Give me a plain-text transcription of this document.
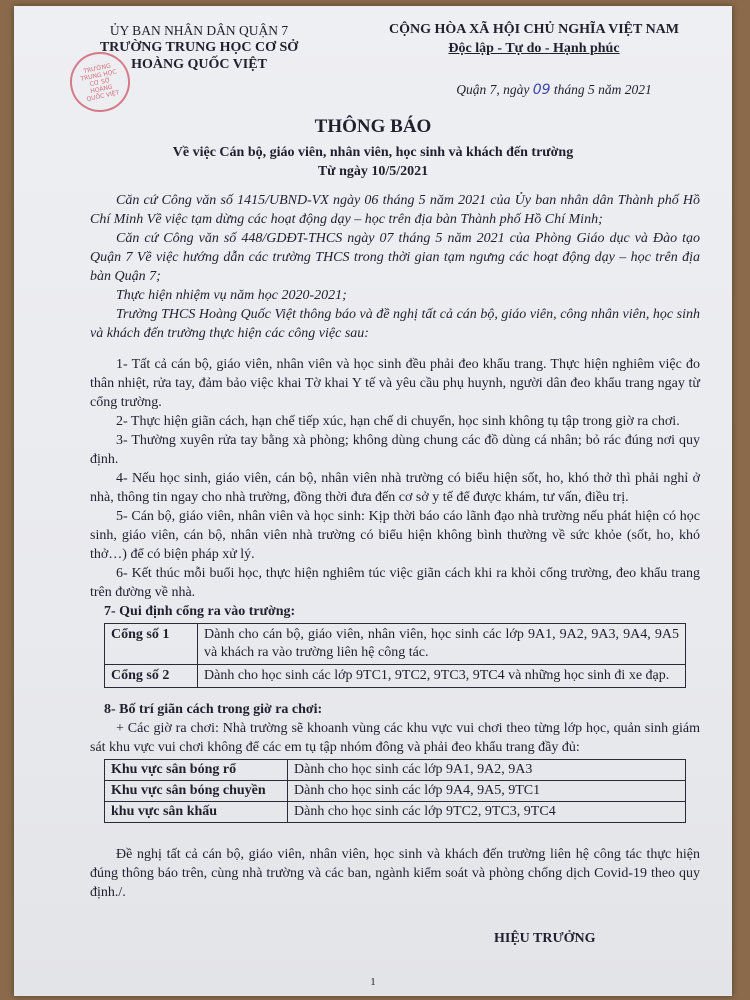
ỦY BAN NHÂN DÂN QUẬN 7
TRƯỜNG TRUNG HỌC CƠ SỞ
HOÀNG QUỐC VIỆT
TRƯỜNG TRUNG HỌC CƠ SỞ HOÀNG QUỐC VIỆT
CỘNG HÒA XÃ HỘI CHỦ NGHĨA VIỆT NAM
Độc lập - Tự do - Hạnh phúc
Quận 7, ngày 09 tháng 5 năm 2021
THÔNG BÁO
Về việc Cán bộ, giáo viên, nhân viên, học sinh và khách đến trường
Từ ngày 10/5/2021

Căn cứ Công văn số 1415/UBND-VX ngày 06 tháng 5 năm 2021 của Ủy ban nhân dân Thành phố Hồ Chí Minh Về việc tạm dừng các hoạt động dạy – học trên địa bàn Thành phố Hồ Chí Minh;

Căn cứ Công văn số 448/GDĐT-THCS ngày 07 tháng 5 năm 2021 của Phòng Giáo dục và Đào tạo Quận 7 Về việc hướng dẫn các trường THCS trong thời gian tạm ngưng các hoạt động dạy – học trên địa bàn Quận 7;

Thực hiện nhiệm vụ năm học 2020-2021;

Trường THCS Hoàng Quốc Việt thông báo và đề nghị tất cả cán bộ, giáo viên, công nhân viên, học sinh và khách đến trường thực hiện các công việc sau:

1- Tất cả cán bộ, giáo viên, nhân viên và học sinh đều phải đeo khẩu trang. Thực hiện nghiêm việc đo thân nhiệt, rửa tay, đảm bảo việc khai Tờ khai Y tế và yêu cầu phụ huynh, người dân đeo khẩu trang ngay từ cổng trường.

2- Thực hiện giãn cách, hạn chế tiếp xúc, hạn chế di chuyển, học sinh không tụ tập trong giờ ra chơi.

3- Thường xuyên rửa tay bằng xà phòng; không dùng chung các đồ dùng cá nhân; bỏ rác đúng nơi quy định.

4- Nếu học sinh, giáo viên, cán bộ, nhân viên nhà trường có biểu hiện sốt, ho, khó thở thì phải nghỉ ở nhà, thông tin ngay cho nhà trường, đồng thời đưa đến cơ sở y tế để được khám, tư vấn, điều trị.

5- Cán bộ, giáo viên, nhân viên và học sinh: Kịp thời báo cáo lãnh đạo nhà trường nếu phát hiện có học sinh, giáo viên, cán bộ, nhân viên nhà trường có biểu hiện không bình thường về sức khỏe (sốt, ho, khó thở…) để có biện pháp xử lý.

6- Kết thúc mỗi buổi học, thực hiện nghiêm túc việc giãn cách khi ra khỏi cổng trường, đeo khẩu trang trên đường về nhà.

7- Qui định cổng ra vào trường:

Cổng số 1	Dành cho cán bộ, giáo viên, nhân viên, học sinh các lớp 9A1, 9A2, 9A3, 9A4, 9A5 và khách ra vào trường liên hệ công tác.
Cổng số 2	Dành cho học sinh các lớp 9TC1, 9TC2, 9TC3, 9TC4 và những học sinh đi xe đạp.

8- Bố trí giãn cách trong giờ ra chơi:

+ Các giờ ra chơi: Nhà trường sẽ khoanh vùng các khu vực vui chơi theo từng lớp học, quản sinh giám sát khu vực vui chơi không để các em tụ tập nhóm đông và phải đeo khẩu trang đầy đủ:

Khu vực sân bóng rổ	Dành cho học sinh các lớp 9A1, 9A2, 9A3
Khu vực sân bóng chuyền	Dành cho học sinh các lớp 9A4, 9A5, 9TC1
khu vực sân khấu	Dành cho học sinh các lớp 9TC2, 9TC3, 9TC4

Đề nghị tất cả cán bộ, giáo viên, nhân viên, học sinh và khách đến trường liên hệ công tác thực hiện đúng thông báo trên, cùng nhà trường và các ban, ngành kiểm soát và phòng chống dịch Covid-19 theo quy định./.

HIỆU TRƯỞNG
1
